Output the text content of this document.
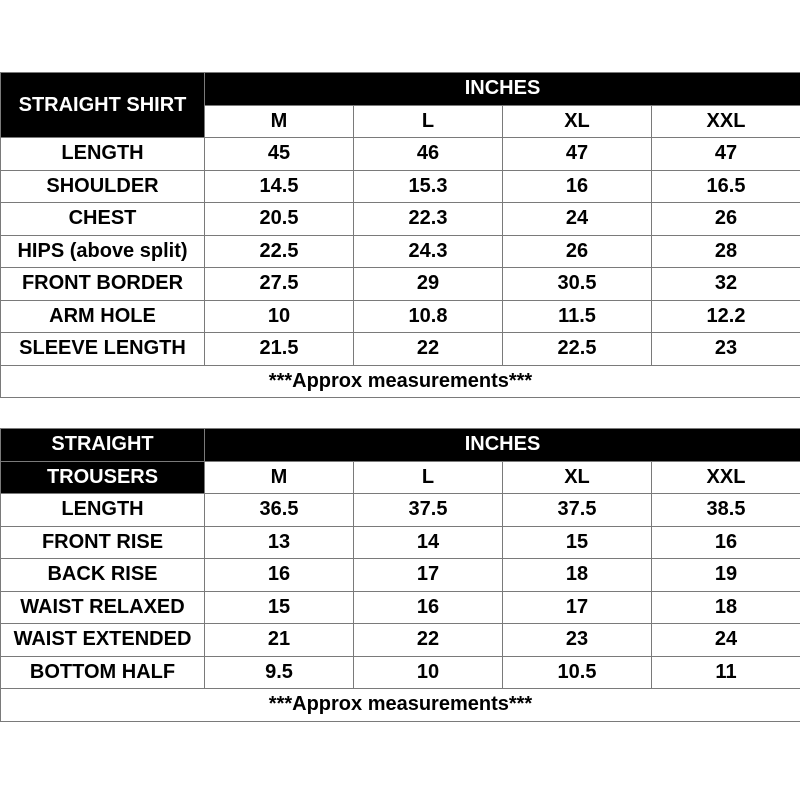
STRAIGHT SHIRT	INCHES			
	M	L	XL	XXL
LENGTH	45	46	47	47
SHOULDER	14.5	15.3	16	16.5
CHEST	20.5	22.3	24	26
HIPS (above split)	22.5	24.3	26	28
FRONT BORDER	27.5	29	30.5	32
ARM HOLE	10	10.8	11.5	12.2
SLEEVE LENGTH	21.5	22	22.5	23
***Approx measurements***				
STRAIGHT	INCHES			
TROUSERS	M	L	XL	XXL
LENGTH	36.5	37.5	37.5	38.5
FRONT RISE	13	14	15	16
BACK RISE	16	17	18	19
WAIST RELAXED	15	16	17	18
WAIST EXTENDED	21	22	23	24
BOTTOM HALF	9.5	10	10.5	11
***Approx measurements***				
